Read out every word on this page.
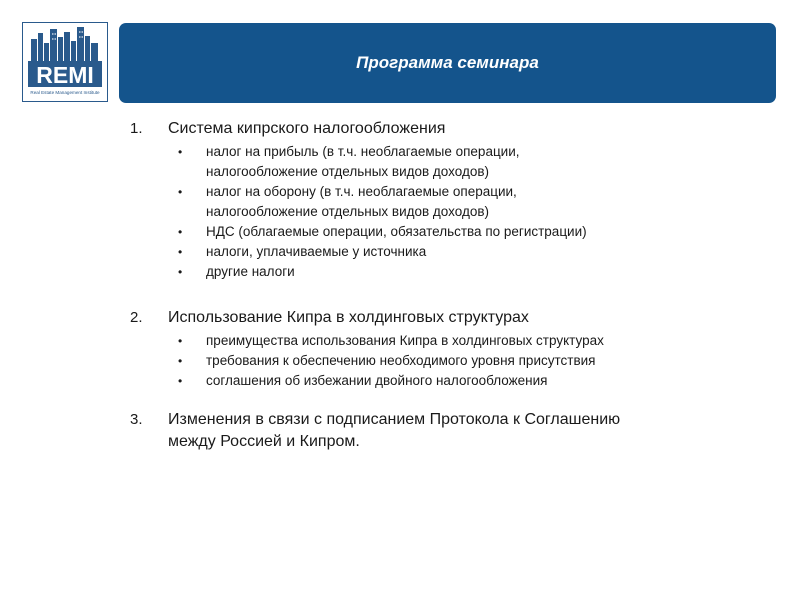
REMI
Real Estate Management Institute
Программа семинара
1. Система кипрского налогообложения
• налог на прибыль (в т.ч. необлагаемые операции,
налогообложение отдельных видов доходов)
• налог на оборону (в т.ч. необлагаемые операции,
налогообложение отдельных видов доходов)
• НДС (облагаемые операции, обязательства по регистрации)
• налоги, уплачиваемые у источника
• другие налоги
2. Использование Кипра в холдинговых структурах
• преимущества использования Кипра в холдинговых структурах
• требования к обеспечению необходимого уровня присутствия
• соглашения об избежании двойного налогообложения
3. Изменения в связи с подписанием Протокола к Соглашению
между Россией и Кипром.
